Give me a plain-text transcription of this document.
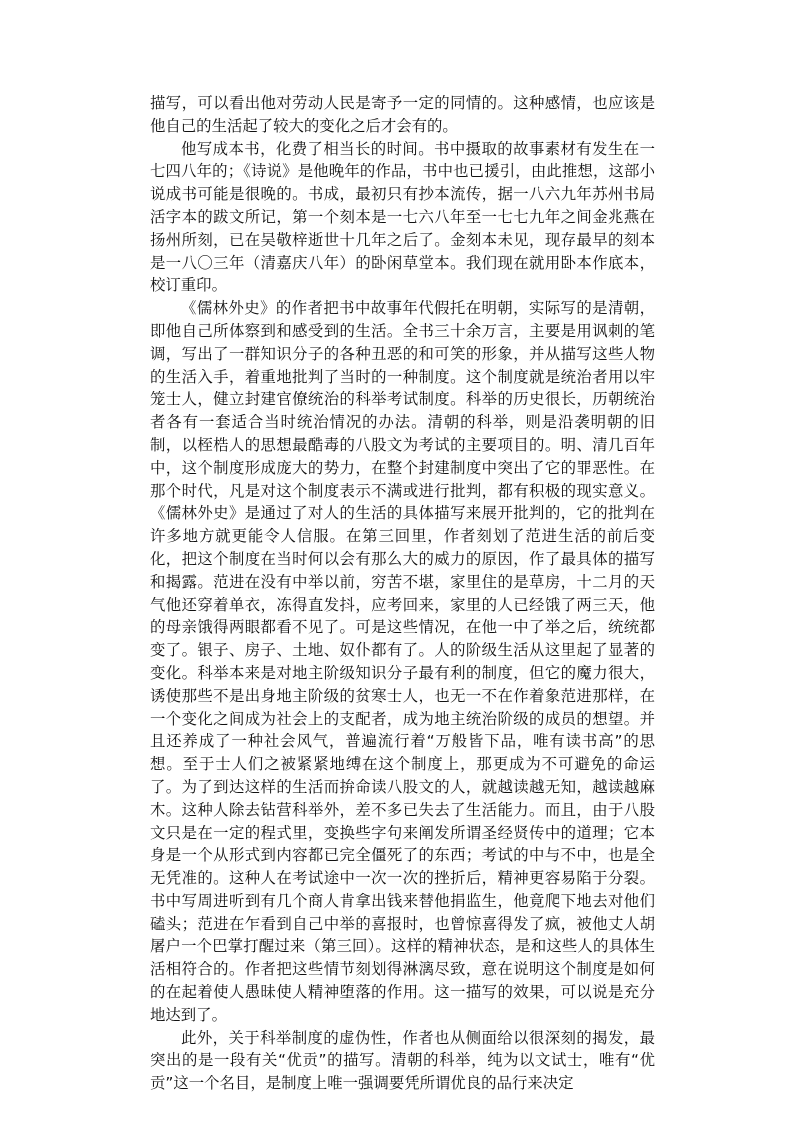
描写，可以看出他对劳动人民是寄予一定的同情的。这种感情，也应该是他自己的生活起了较大的变化之后才会有的。

他写成本书，化费了相当长的时间。书中摄取的故事素材有发生在一七四八年的；《诗说》是他晚年的作品，书中也已援引，由此推想，这部小说成书可能是很晚的。书成，最初只有抄本流传，据一八六九年苏州书局活字本的跋文所记，第一个刻本是一七六八年至一七七九年之间金兆燕在扬州所刻，已在吴敬梓逝世十几年之后了。金刻本未见，现存最早的刻本是一八〇三年（清嘉庆八年）的卧闲草堂本。我们现在就用卧本作底本，校订重印。

《儒林外史》的作者把书中故事年代假托在明朝，实际写的是清朝，即他自己所体察到和感受到的生活。全书三十余万言，主要是用讽刺的笔调，写出了一群知识分子的各种丑恶的和可笑的形象，并从描写这些人物的生活入手，着重地批判了当时的一种制度。这个制度就是统治者用以牢笼士人，健立封建官僚统治的科举考试制度。科举的历史很长，历朝统治者各有一套适合当时统治情况的办法。清朝的科举，则是沿袭明朝的旧制，以桎梏人的思想最酷毒的八股文为考试的主要项目的。明、清几百年中，这个制度形成庞大的势力，在整个封建制度中突出了它的罪恶性。在那个时代，凡是对这个制度表示不满或进行批判，都有积极的现实意义。《儒林外史》是通过了对人的生活的具体描写来展开批判的，它的批判在许多地方就更能令人信服。在第三回里，作者刻划了范进生活的前后变化，把这个制度在当时何以会有那么大的威力的原因，作了最具体的描写和揭露。范进在没有中举以前，穷苦不堪，家里住的是草房，十二月的天气他还穿着单衣，冻得直发抖，应考回来，家里的人已经饿了两三天，他的母亲饿得两眼都看不见了。可是这些情况，在他一中了举之后，统统都变了。银子、房子、土地、奴仆都有了。人的阶级生活从这里起了显著的变化。科举本来是对地主阶级知识分子最有利的制度，但它的魔力很大，诱使那些不是出身地主阶级的贫寒士人，也无一不在作着象范进那样，在一个变化之间成为社会上的支配者，成为地主统治阶级的成员的想望。并且还养成了一种社会风气，普遍流行着“万般皆下品，唯有读书高”的思想。至于士人们之被紧紧地缚在这个制度上，那更成为不可避免的命运了。为了到达这样的生活而拚命读八股文的人，就越读越无知，越读越麻木。这种人除去钻营科举外，差不多已失去了生活能力。而且，由于八股文只是在一定的程式里，变换些字句来阐发所谓圣经贤传中的道理；它本身是一个从形式到内容都已完全僵死了的东西；考试的中与不中，也是全无凭准的。这种人在考试途中一次一次的挫折后，精神更容易陷于分裂。书中写周进听到有几个商人肯拿出钱来替他捐监生，他竟爬下地去对他们磕头；范进在乍看到自己中举的喜报时，也曾惊喜得发了疯，被他丈人胡屠户一个巴掌打醒过来（第三回）。这样的精神状态，是和这些人的具体生活相符合的。作者把这些情节刻划得淋漓尽致，意在说明这个制度是如何的在起着使人愚昧使人精神堕落的作用。这一描写的效果，可以说是充分地达到了。

此外，关于科举制度的虚伪性，作者也从侧面给以很深刻的揭发，最突出的是一段有关“优贡”的描写。清朝的科举，纯为以文试士，唯有“优贡”这一个名目，是制度上唯一强调要凭所谓优良的品行来决定
